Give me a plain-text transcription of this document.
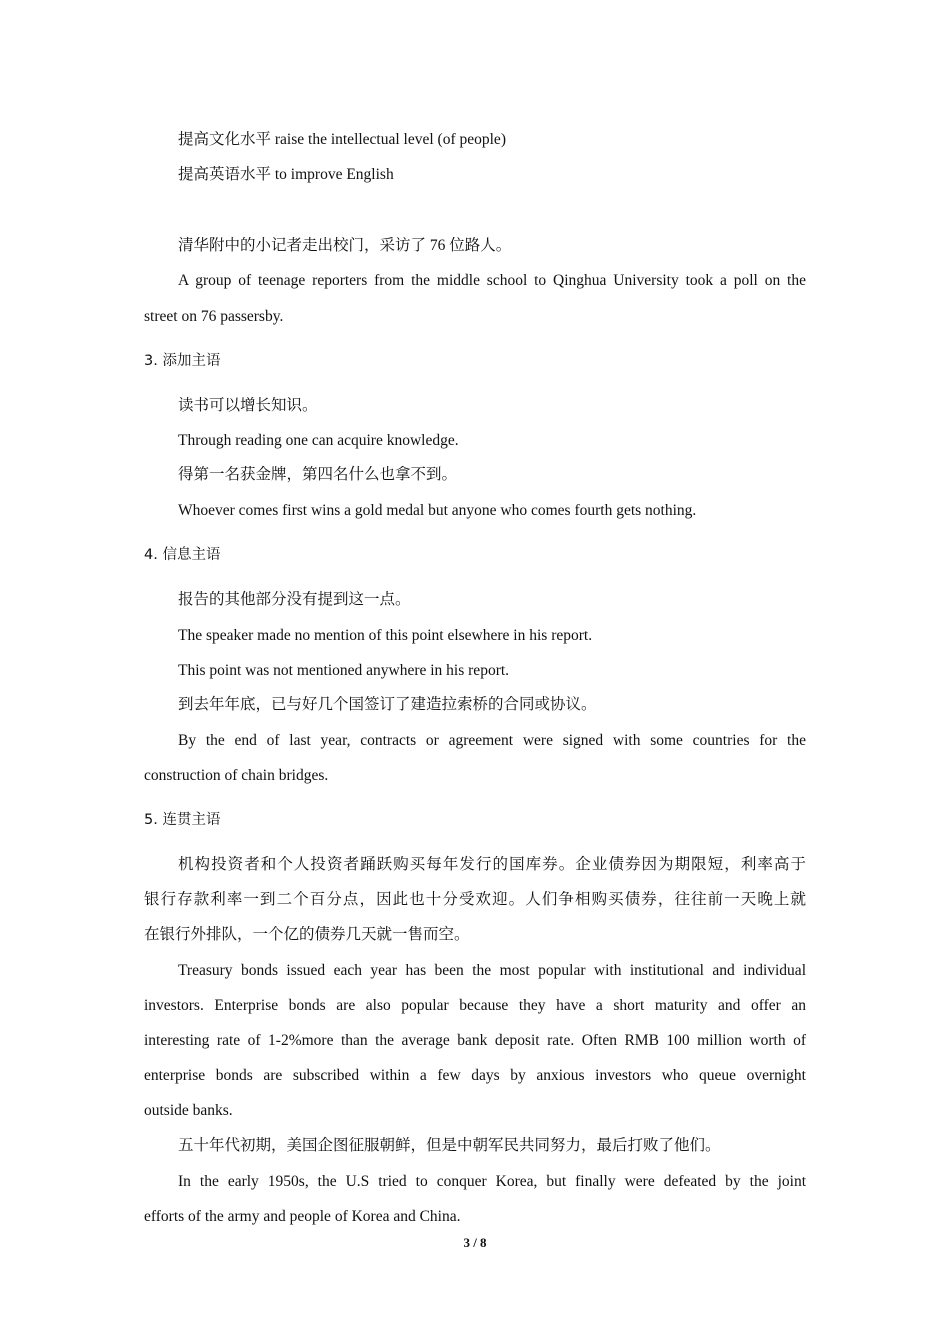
提高文化水平 raise the intellectual level (of people)

提高英语水平 to improve English

清华附中的小记者走出校门，采访了 76 位路人。

A group of teenage reporters from the middle school to Qinghua University took a poll on the

street on 76 passersby.

3. 添加主语

读书可以增长知识。

Through reading one can acquire knowledge.

得第一名获金牌，第四名什么也拿不到。

Whoever comes first wins a gold medal but anyone who comes fourth gets nothing.

4. 信息主语

报告的其他部分没有提到这一点。

The speaker made no mention of this point elsewhere in his report.

This point was not mentioned anywhere in his report.

到去年年底，已与好几个国签订了建造拉索桥的合同或协议。

By the end of last year, contracts or agreement were signed with some countries for the

construction of chain bridges.

5. 连贯主语

机构投资者和个人投资者踊跃购买每年发行的国库券。企业债券因为期限短，利率高于

银行存款利率一到二个百分点，因此也十分受欢迎。人们争相购买债券，往往前一天晚上就

在银行外排队，一个亿的债券几天就一售而空。

Treasury bonds issued each year has been the most popular with institutional and individual

investors. Enterprise bonds are also popular because they have a short maturity and offer an

interesting rate of 1-2%more than the average bank deposit rate. Often RMB 100 million worth of

enterprise bonds are subscribed within a few days by anxious investors who queue overnight

outside banks.

五十年代初期，美国企图征服朝鲜，但是中朝军民共同努力，最后打败了他们。

In the early 1950s, the U.S tried to conquer Korea, but finally were defeated by the joint

efforts of the army and people of Korea and China.

3 / 8
